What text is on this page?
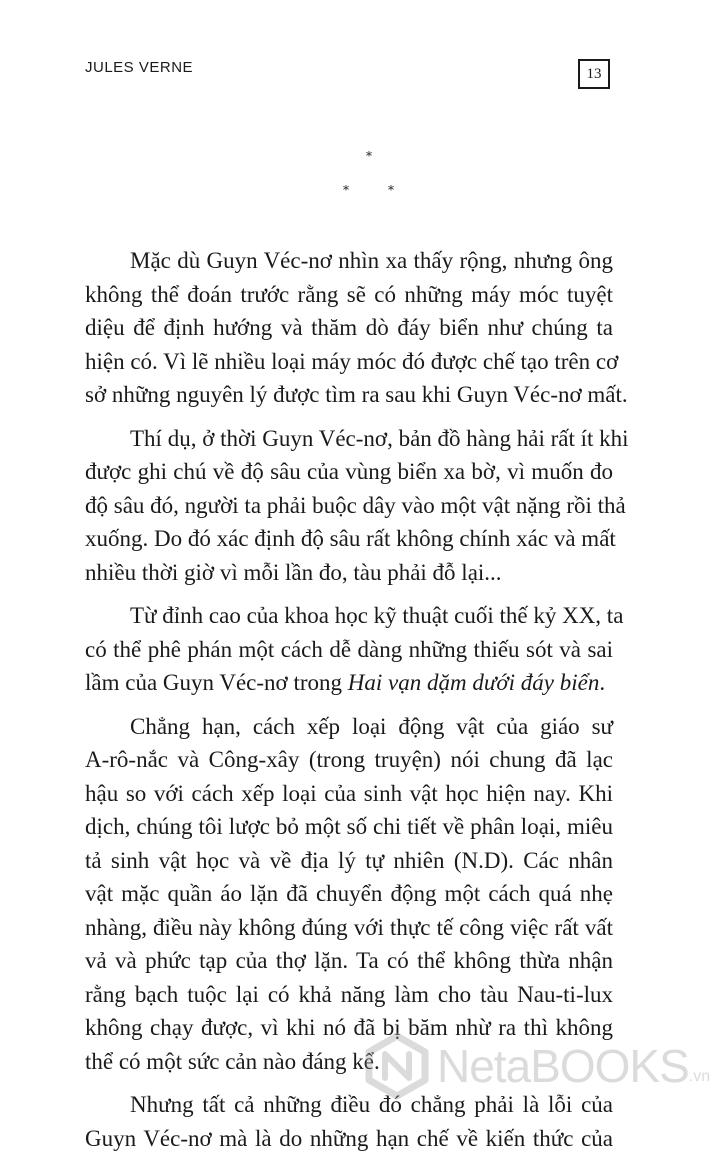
JULES VERNE	13
*
*	*
Mặc dù Guyn Véc-nơ nhìn xa thấy rộng, nhưng ông
không thể đoán trước rằng sẽ có những máy móc tuyệt
diệu để định hướng và thăm dò đáy biển như chúng ta
hiện có. Vì lẽ nhiều loại máy móc đó được chế tạo trên cơ
sở những nguyên lý được tìm ra sau khi Guyn Véc-nơ mất.
Thí dụ, ở thời Guyn Véc-nơ, bản đồ hàng hải rất ít khi
được ghi chú về độ sâu của vùng biển xa bờ, vì muốn đo
độ sâu đó, người ta phải buộc dây vào một vật nặng rồi thả
xuống. Do đó xác định độ sâu rất không chính xác và mất
nhiều thời giờ vì mỗi lần đo, tàu phải đỗ lại...
Từ đỉnh cao của khoa học kỹ thuật cuối thế kỷ XX, ta
có thể phê phán một cách dễ dàng những thiếu sót và sai
lầm của Guyn Véc-nơ trong Hai vạn dặm dưới đáy biển.
Chẳng hạn, cách xếp loại động vật của giáo sư
A-rô-nắc và Công-xây (trong truyện) nói chung đã lạc
hậu so với cách xếp loại của sinh vật học hiện nay. Khi
dịch, chúng tôi lược bỏ một số chi tiết về phân loại, miêu
tả sinh vật học và về địa lý tự nhiên (N.D). Các nhân
vật mặc quần áo lặn đã chuyển động một cách quá nhẹ
nhàng, điều này không đúng với thực tế công việc rất vất
vả và phức tạp của thợ lặn. Ta có thể không thừa nhận
rằng bạch tuộc lại có khả năng làm cho tàu Nau-ti-lux
không chạy được, vì khi nó đã bị băm nhừ ra thì không
thể có một sức cản nào đáng kể.
Nhưng tất cả những điều đó chẳng phải là lỗi của
Guyn Véc-nơ mà là do những hạn chế về kiến thức của
NetaBOOKS .vn
